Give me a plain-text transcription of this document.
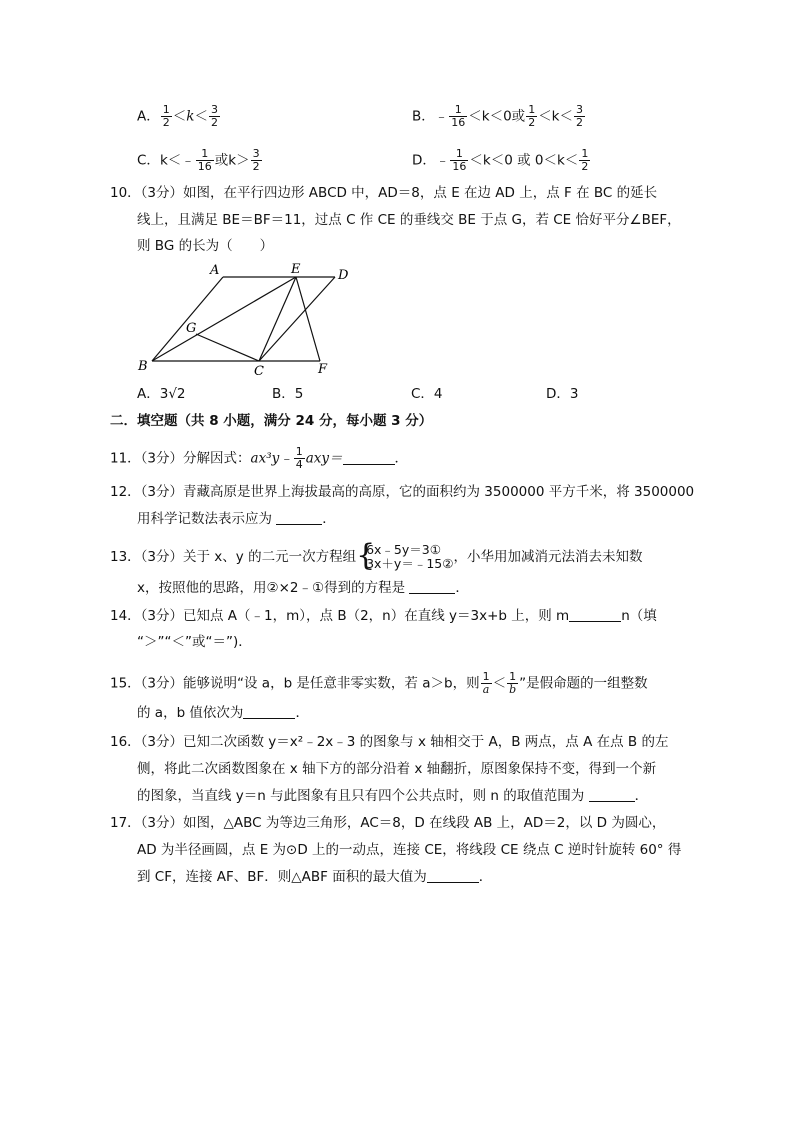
A． $\frac{1}{2} <k< \frac{3}{2}$	B．﹣ $\frac{1}{16} <k<0$或 $\frac{1}{2} <k< \frac{3}{2}$
C．k＜﹣ $\frac{1}{16}$ 或$k> \frac{3}{2}$	D．﹣ $\frac{1}{16} <k<0$ 或 $0<k< \frac{1}{2}$
10．（3分）如图，在平行四边形 ABCD 中，AD＝8，点 E 在边 AD 上，点 F 在 BC 的延长
线上，且满足 BE＝BF＝11，过点 C 作 CE 的垂线交 BE 于点 G，若 CE 恰好平分∠BEF，
则 BG 的长为（　　）
A	E	D
G
B	C	F
A．3√2	B．5	C．4	D．3
二．填空题（共 8 小题，满分 24 分，每小题 3 分）
11．（3分）分解因式：ax³y﹣ $\frac{1}{4} axy=$	．
12．（3分）青藏高原是世界上海拔最高的高原，它的面积约为 3500000 平方千米，将 3500000
用科学记数法表示应为	．
13．（3分）关于 x、y 的二元一次方程组 {
6x﹣5y＝3①
3x＋y＝﹣15② ，小华用加减消元法消去未知数
x，按照他的思路，用②×2﹣①得到的方程是	．
14．（3分）已知点 A（﹣1，m），点 B（2，n）在直线 y＝3x+b 上，则 m	n（填
“＞”“＜”或“＝”)．
15．（3分）能够说明“设 a，b 是任意非零实数，若 a＞b，则 $\frac{1}{a} < \frac{1}{b}$ ”是假命题的一组整数
的 a，b 值依次为	．
16．（3分）已知二次函数 y＝x²﹣2x﹣3 的图象与 x 轴相交于 A，B 两点，点 A 在点 B 的左
侧，将此二次函数图象在 x 轴下方的部分沿着 x 轴翻折，原图象保持不变，得到一个新
的图象，当直线 y＝n 与此图象有且只有四个公共点时，则 n 的取值范围为	．
17．（3分）如图，△ABC 为等边三角形，AC＝8，D 在线段 AB 上，AD＝2，以 D 为圆心，
AD 为半径画圆，点 E 为⊙D 上的一动点，连接 CE，将线段 CE 绕点 C 逆时针旋转 60° 得
到 CF，连接 AF、BF．则△ABF 面积的最大值为	．
